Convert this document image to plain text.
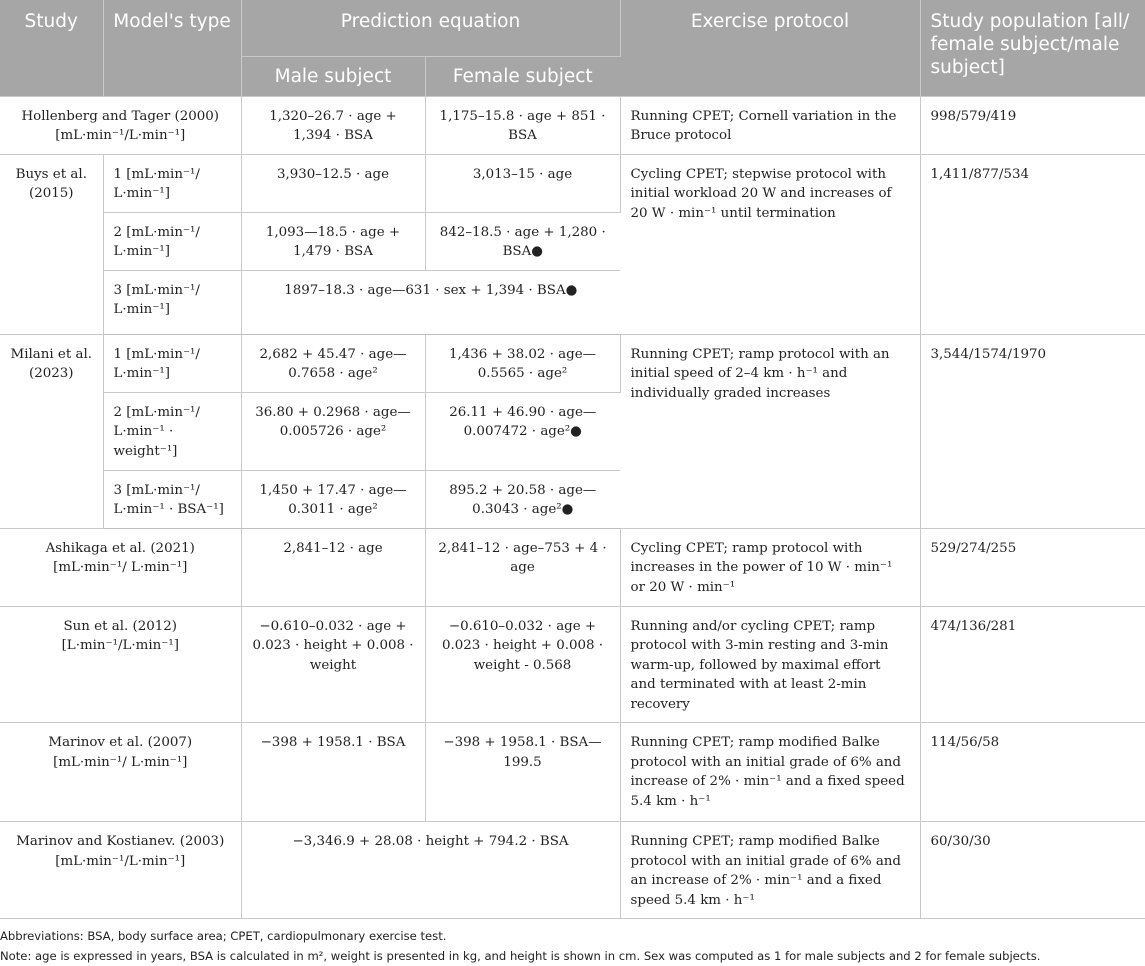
Study	Model's type	Prediction equation		Exercise protocol	Study population [all/ female subject/male subject]
		Male subject	Female subject		
Hollenberg and Tager (2000) [mL·min⁻¹/L·min⁻¹]		1,320–26.7 · age + 1,394 · BSA	1,175–15.8 · age + 851 · BSA	Running CPET; Cornell variation in the Bruce protocol	998/579/419
Buys et al. (2015)	1 [mL·min⁻¹/ L·min⁻¹]	3,930–12.5 · age	3,013–15 · age	Cycling CPET; stepwise protocol with initial workload 20 W and increases of 20 W · min⁻¹ until termination	1,411/877/534
	2 [mL·min⁻¹/ L·min⁻¹]	1,093—18.5 · age + 1,479 · BSA	842–18.5 · age + 1,280 · BSA●		
	3 [mL·min⁻¹/ L·min⁻¹]	1897–18.3 · age—631 · sex + 1,394 · BSA●			
Milani et al. (2023)	1 [mL·min⁻¹/ L·min⁻¹]	2,682 + 45.47 · age—0.7658 · age²	1,436 + 38.02 · age—0.5565 · age²	Running CPET; ramp protocol with an initial speed of 2–4 km · h⁻¹ and individually graded increases	3,544/1574/1970
	2 [mL·min⁻¹/ L·min⁻¹ · weight⁻¹]	36.80 + 0.2968 · age—0.005726 · age²	26.11 + 46.90 · age—0.007472 · age²●		
	3 [mL·min⁻¹/ L·min⁻¹ · BSA⁻¹]	1,450 + 17.47 · age—0.3011 · age²	895.2 + 20.58 · age—0.3043 · age²●		
Ashikaga et al. (2021) [mL·min⁻¹/ L·min⁻¹]		2,841–12 · age	2,841–12 · age–753 + 4 · age	Cycling CPET; ramp protocol with increases in the power of 10 W · min⁻¹ or 20 W · min⁻¹	529/274/255
Sun et al. (2012) [L·min⁻¹/L·min⁻¹]		−0.610–0.032 · age + 0.023 · height + 0.008 · weight	−0.610–0.032 · age + 0.023 · height + 0.008 · weight - 0.568	Running and/or cycling CPET; ramp protocol with 3-min resting and 3-min warm-up, followed by maximal effort and terminated with at least 2-min recovery	474/136/281
Marinov et al. (2007) [mL·min⁻¹/ L·min⁻¹]		−398 + 1958.1 · BSA	−398 + 1958.1 · BSA—199.5	Running CPET; ramp modified Balke protocol with an initial grade of 6% and increase of 2% · min⁻¹ and a fixed speed 5.4 km · h⁻¹	114/56/58
Marinov and Kostianev. (2003) [mL·min⁻¹/L·min⁻¹]		−3,346.9 + 28.08 · height + 794.2 · BSA		Running CPET; ramp modified Balke protocol with an initial grade of 6% and an increase of 2% · min⁻¹ and a fixed speed 5.4 km · h⁻¹	60/30/30
Abbreviations: BSA, body surface area; CPET, cardiopulmonary exercise test.
Note: age is expressed in years, BSA is calculated in m², weight is presented in kg, and height is shown in cm. Sex was computed as 1 for male subjects and 2 for female subjects.
